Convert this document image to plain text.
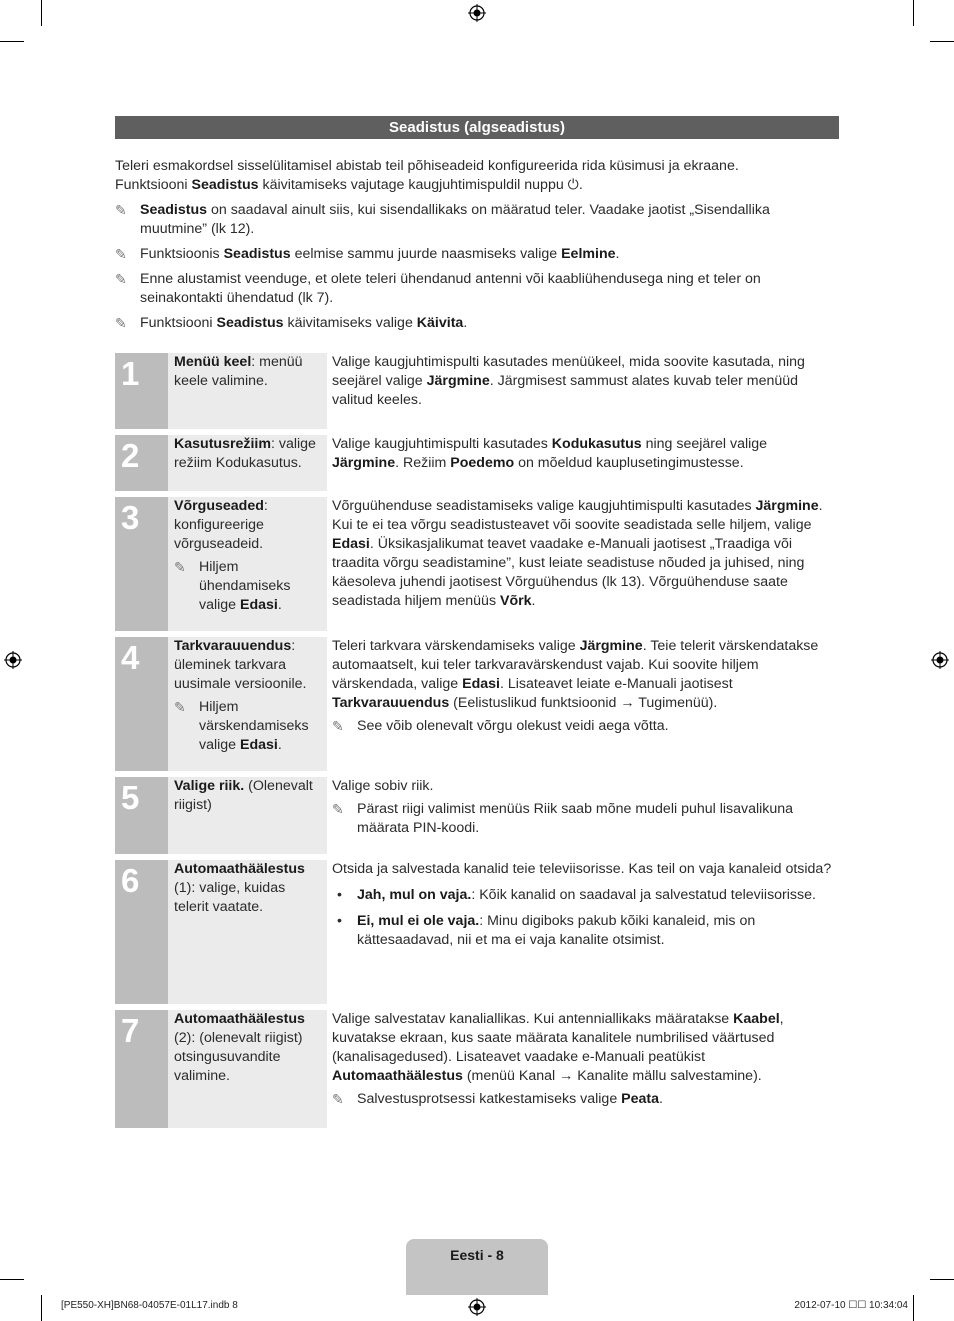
Seadistus (algseadistus)

Teleri esmakordsel sisselülitamisel abistab teil põhiseadeid konfigureerida rida küsimusi ja ekraane.
Funktsiooni Seadistus käivitamiseks vajutage kaugjuhtimispuldil nuppu ⏻.

✎ Seadistus on saadaval ainult siis, kui sisendallikaks on määratud teler. Vaadake jaotist „Sisendallika muutmine” (lk 12).
✎ Funktsioonis Seadistus eelmise sammu juurde naasmiseks valige Eelmine.
✎ Enne alustamist veenduge, et olete teleri ühendanud antenni või kaabliühendusega ning et teler on seinakontakti ühendatud (lk 7).
✎ Funktsiooni Seadistus käivitamiseks valige Käivita.
1	Menüü keel: menüü keele valimine.
Valige kaugjuhtimispulti kasutades menüükeel, mida soovite kasutada, ning seejärel valige Järgmine. Järgmisest sammust alates kuvab teler menüüd valitud keeles.
2	Kasutusrežiim: valige režiim Kodukasutus.
Valige kaugjuhtimispulti kasutades Kodukasutus ning seejärel valige Järgmine. Režiim Poedemo on mõeldud kauplusetingimustesse.
3	Võrguseaded: konfigureerige võrguseadeid.
✎ Hiljem ühendamiseks valige Edasi.
Võrguühenduse seadistamiseks valige kaugjuhtimispulti kasutades Järgmine. Kui te ei tea võrgu seadistusteavet või soovite seadistada selle hiljem, valige Edasi. Üksikasjalikumat teavet vaadake e-Manuali jaotisest „Traadiga või traadita võrgu seadistamine”, kust leiate seadistuse nõuded ja juhised, ning käesoleva juhendi jaotisest Võrguühendus (lk 13). Võrguühenduse saate seadistada hiljem menüüs Võrk.
4	Tarkvarauuendus: üleminek tarkvara uusimale versioonile.
✎ Hiljem värskendamiseks valige Edasi.
Teleri tarkvara värskendamiseks valige Järgmine. Teie telerit värskendatakse automaatselt, kui teler tarkvaravärskendust vajab. Kui soovite hiljem värskendada, valige Edasi. Lisateavet leiate e-Manuali jaotisest Tarkvarauuendus (Eelistuslikud funktsioonid → Tugimenüü).
✎ See võib olenevalt võrgu olekust veidi aega võtta.
5	Valige riik. (Olenevalt riigist)
Valige sobiv riik.
✎ Pärast riigi valimist menüüs Riik saab mõne mudeli puhul lisavalikuna määrata PIN-koodi.
6	Automaathäälestus (1): valige, kuidas telerit vaatate.
Otsida ja salvestada kanalid teie televiisorisse. Kas teil on vaja kanaleid otsida?
• Jah, mul on vaja.: Kõik kanalid on saadaval ja salvestatud televiisorisse.
• Ei, mul ei ole vaja.: Minu digiboks pakub kõiki kanaleid, mis on kättesaadavad, nii et ma ei vaja kanalite otsimist.
7	Automaathäälestus (2): (olenevalt riigist) otsingusuvandite valimine.
Valige salvestatav kanaliallikas. Kui antenniallikaks määratakse Kaabel, kuvatakse ekraan, kus saate määrata kanalitele numbrilised väärtused (kanalisagedused). Lisateavet vaadake e-Manuali peatükist Automaathäälestus (menüü Kanal → Kanalite mällu salvestamine).
✎ Salvestusprotsessi katkestamiseks valige Peata.
Eesti - 8
[PE550-XH]BN68-04057E-01L17.indb 8	2012-07-10 ☐☐ 10:34:04
